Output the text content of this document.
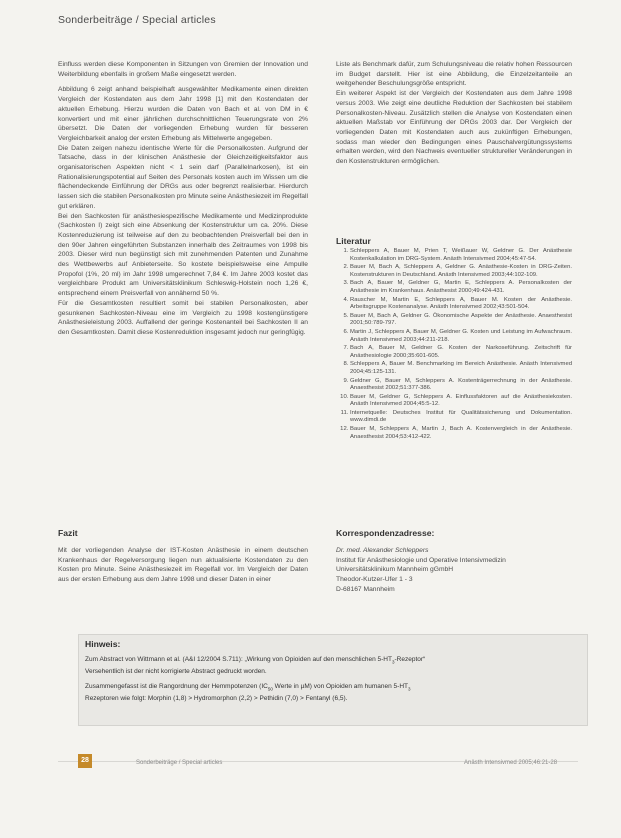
Sonderbeiträge / Special articles

Einfluss werden diese Komponenten in Sitzungen von Gremien der Innovation und Weiterbildung ebenfalls in großem Maße eingesetzt werden.

Abbildung 6 zeigt anhand beispielhaft ausgewählter Medikamente einen direkten Vergleich der Kostendaten aus dem Jahr 1998 [1] mit den Kostendaten der aktuellen Erhebung. Hierzu wurden die Daten von Bach et al. von DM in € konvertiert und mit einer jährlichen durchschnittlichen Teuerungsrate von 2% übersetzt. Die Daten der vorliegenden Erhebung wurden für besseren Vergleichbarkeit analog der ersten Erhebung als Mittelwerte angegeben.

Die Daten zeigen nahezu identische Werte für die Personalkosten. Aufgrund der Tatsache, dass in der klinischen Anästhesie der Gleichzeitigkeitsfaktor aus organisatorischen Aspekten nicht < 1 sein darf (Parallelnarkosen), ist ein Rationalisierungspotential auf Seiten des Personals kosten auch im Wissen um die flächendeckende Einführung der DRGs aus oder begrenzt realisierbar. Hierdurch lassen sich die stabilen Personalkosten pro Minute seine Anästhesiezeit im Regelfall gut erklären.

Bei den Sachkosten für anästhesiespezifische Medikamente und Medizinprodukte (Sachkosten I) zeigt sich eine Absenkung der Kostenstruktur um ca. 20%. Diese Kostenreduzierung ist teilweise auf den zu beobachtenden Preisverfall bei den in den 90er Jahren eingeführten Substanzen innerhalb des Zeitraumes von 1998 bis 2003. Dieser wird nun begünstigt sich mit zunehmenden Patenten und Zunahme des Wettbewerbs auf Anbieterseite. So kostete beispielsweise eine Ampulle Propofol (1%, 20 ml) im Jahr 1998 umgerechnet 7,84 €. Im Jahre 2003 kostet das vergleichbare Produkt am Universitätsklinikum Schleswig-Holstein noch 1,26 €, entsprechend einem Preisverfall von annähernd 50 %.

Für die Gesamtkosten resultiert somit bei stabilen Personalkosten, aber gesunkenen Sachkosten-Niveau eine im Vergleich zu 1998 kostengünstigere Anästhesieleistung 2003. Auffallend der geringe Kostenanteil bei Sachkosten II an den Gesamtkosten. Damit diese Kostenreduktion insgesamt jedoch nur geringfügig.

Liste als Benchmark dafür, zum Schulungsniveau die relativ hohen Ressourcen im Budget darstellt. Hier ist eine Abbildung, die Einzelzeitanteile an weitgehender Beschulungsgröße entspricht.

Ein weiterer Aspekt ist der Vergleich der Kostendaten aus dem Jahre 1998 versus 2003. Wie zeigt eine deutliche Reduktion der Sachkosten bei stabilem Personalkosten-Niveau. Zusätzlich stellen die Analyse von Kostendaten einen aktuellen Maßstab vor Einführung der DRGs 2003 dar. Der Vergleich der vorliegenden Daten mit Kostendaten auch aus zukünftigen Erhebungen, sodass man wieder den Bedingungen eines Pauschalvergütungssystems erhalten werden, wird den Nachweis eventueller struktureller Veränderungen in den Kostenstrukturen ermöglichen.

Literatur
1. Schleppers A, Bauer M, Prien T, Weißauer W, Geldner G. Der Anästhesie Kostenkalkulation im DRG-System. Anästh Intensivmed 2004;45:47-54.
2. Bauer M, Bach A, Schleppers A, Geldner G. Anästhesie-Kosten in DRG-Zeiten. Kostenstrukturen in Deutschland. Anästh Intensivmed 2003;44:102-109.
3. Bach A, Bauer M, Geldner G, Martin E, Schleppers A. Personalkosten der Anästhesie im Krankenhaus. Anästhesist 2000;49:424-431.
4. Rauscher M, Martin E, Schleppers A, Bauer M. Kosten der Anästhesie. Arbeitsgruppe Kostenanalyse. Anästh Intensivmed 2002;43:501-504.
5. Bauer M, Bach A, Geldner G. Ökonomische Aspekte der Anästhesie. Anaesthesist 2001;50:789-797.
6. Martin J, Schleppers A, Bauer M, Geldner G. Kosten und Leistung im Aufwachraum. Anästh Intensivmed 2003;44:211-218.
7. Bach A, Bauer M, Geldner G. Kosten der Narkoseführung. Zeitschrift für Anästhesiologie 2000;35:601-605.
8. Schleppers A, Bauer M. Benchmarking im Bereich Anästhesie. Anästh Intensivmed 2004;45:125-131.
9. Geldner G, Bauer M, Schleppers A. Kostenträgerrechnung in der Anästhesie. Anaesthesist 2002;51:377-386.
10. Bauer M, Geldner G, Schleppers A. Einflussfaktoren auf die Anästhesiekosten. Anästh Intensivmed 2004;45:5-12.
11. Internetquelle: Deutsches Institut für Qualitätssicherung und Dokumentation. www.dimdi.de
12. Bauer M, Schleppers A, Martin J, Bach A. Kostenvergleich in der Anästhesie. Anaesthesist 2004;53:412-422.
Fazit

Mit der vorliegenden Analyse der IST-Kosten Anästhesie in einem deutschen Krankenhaus der Regelversorgung liegen nun aktualisierte Kostendaten zu den Kosten pro Minute. Seine Anästhesiezeit im Regelfall vor. Im Vergleich der Daten aus der ersten Erhebung aus dem Jahre 1998 und dieser Daten in einer

Korrespondenzadresse:
Dr. med. Alexander Schleppers
Institut für Anästhesiologie und Operative Intensivmedizin
Universitätsklinikum Mannheim gGmbH
Theodor-Kutzer-Ufer 1 - 3
D-68167 Mannheim
Hinweis:
Zum Abstract von Wittmann et al. (A&I 12/2004 S.711): „Wirkung von Opioiden auf den menschlichen $5-HT_3-Rezeptor“$
Versehentlich ist der nicht korrigierte Abstract gedruckt worden.
Zusammengefasst ist die Rangordnung der Hemmpotenzen ($IC_{50}$ Werte in µM) von Opioiden am humanen $5-HT_3$
Rezeptoren wie folgt: Morphin (1,8) > Hydromorphon (2,2) > Pethidin (7,0) > Fentanyl (6,5).
28	Sonderbeiträge / Special articles	Anästh Intensivmed 2005;46:21-28
